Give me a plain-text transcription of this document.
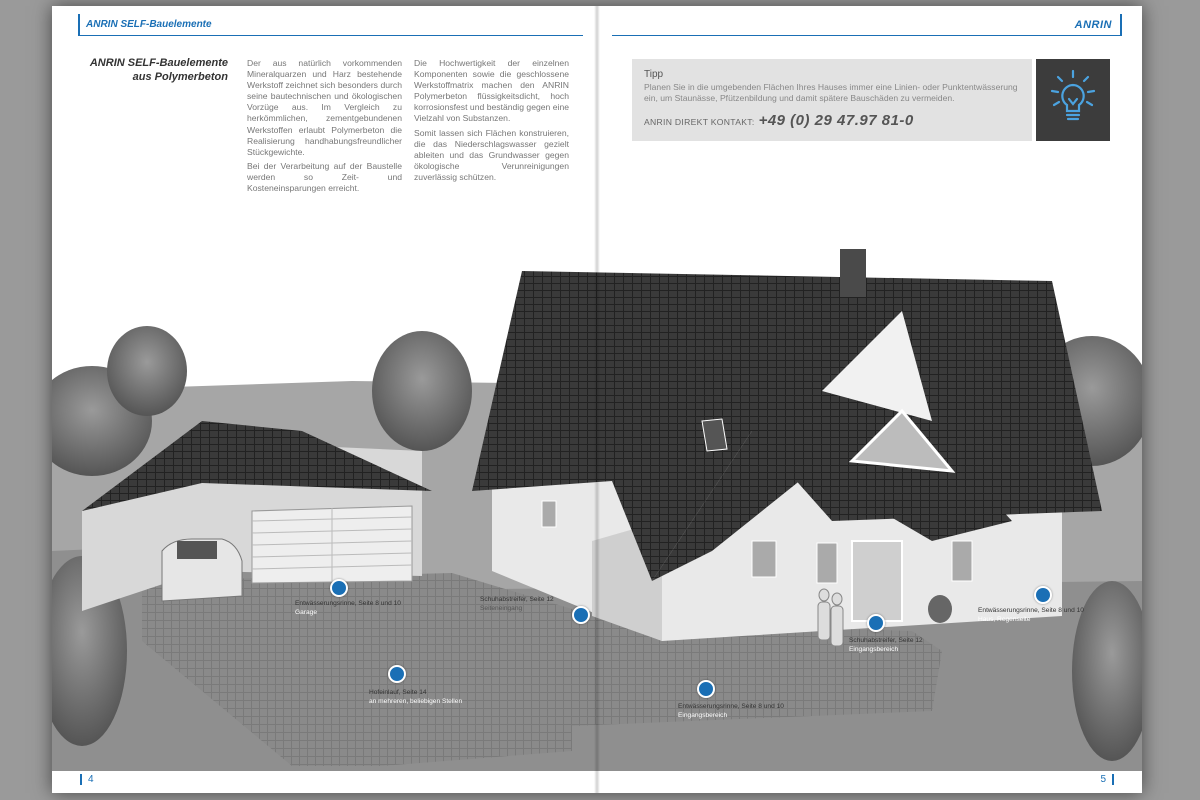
ANRIN SELF-Bauelemente	ANRIN
ANRIN SELF-Bauelemente
aus Polymerbeton

Der aus natürlich vorkommenden Mineralquarzen und Harz bestehende Werkstoff zeichnet sich besonders durch seine bautechnischen und ökologischen Vorzüge aus. Im Vergleich zu herkömmlichen, zementgebundenen Werkstoffen erlaubt Polymerbeton die Realisierung handhabungsfreundlicher Stückgewichte.

Bei der Verarbeitung auf der Baustelle werden so Zeit- und Kosteneinsparungen erreicht.

Die Hochwertigkeit der einzelnen Komponenten sowie die geschlossene Werkstoffmatrix machen den ANRIN Polymerbeton flüssigkeitsdicht, hoch korrosionsfest und beständig gegen eine Vielzahl von Substanzen.

Somit lassen sich Flächen konstruieren, die das Niederschlagswasser gezielt ableiten und das Grundwasser gegen ökologische Verunreinigungen zuverlässig schützen.

Tipp
Planen Sie in die umgebenden Flächen Ihres Hauses immer eine Linien- oder Punktentwässerung ein, um Staunässe, Pfützenbildung und damit spätere Bauschäden zu vermeiden.
ANRIN DIREKT KONTAKT: +49 (0) 29 47.97 81-0
Entwässerungsrinne, Seite 8 und 10
Garage
Schuhabstreifer, Seite 12
Seiteneingang
Hofeinlauf, Seite 14
an mehreren, beliebigen Stellen
Entwässerungsrinne, Seite 8 und 10
Eingangsbereich
Schuhabstreifer, Seite 12
Eingangsbereich
Entwässerungsrinne, Seite 8 und 10
Haus, Regenseite
4	5
